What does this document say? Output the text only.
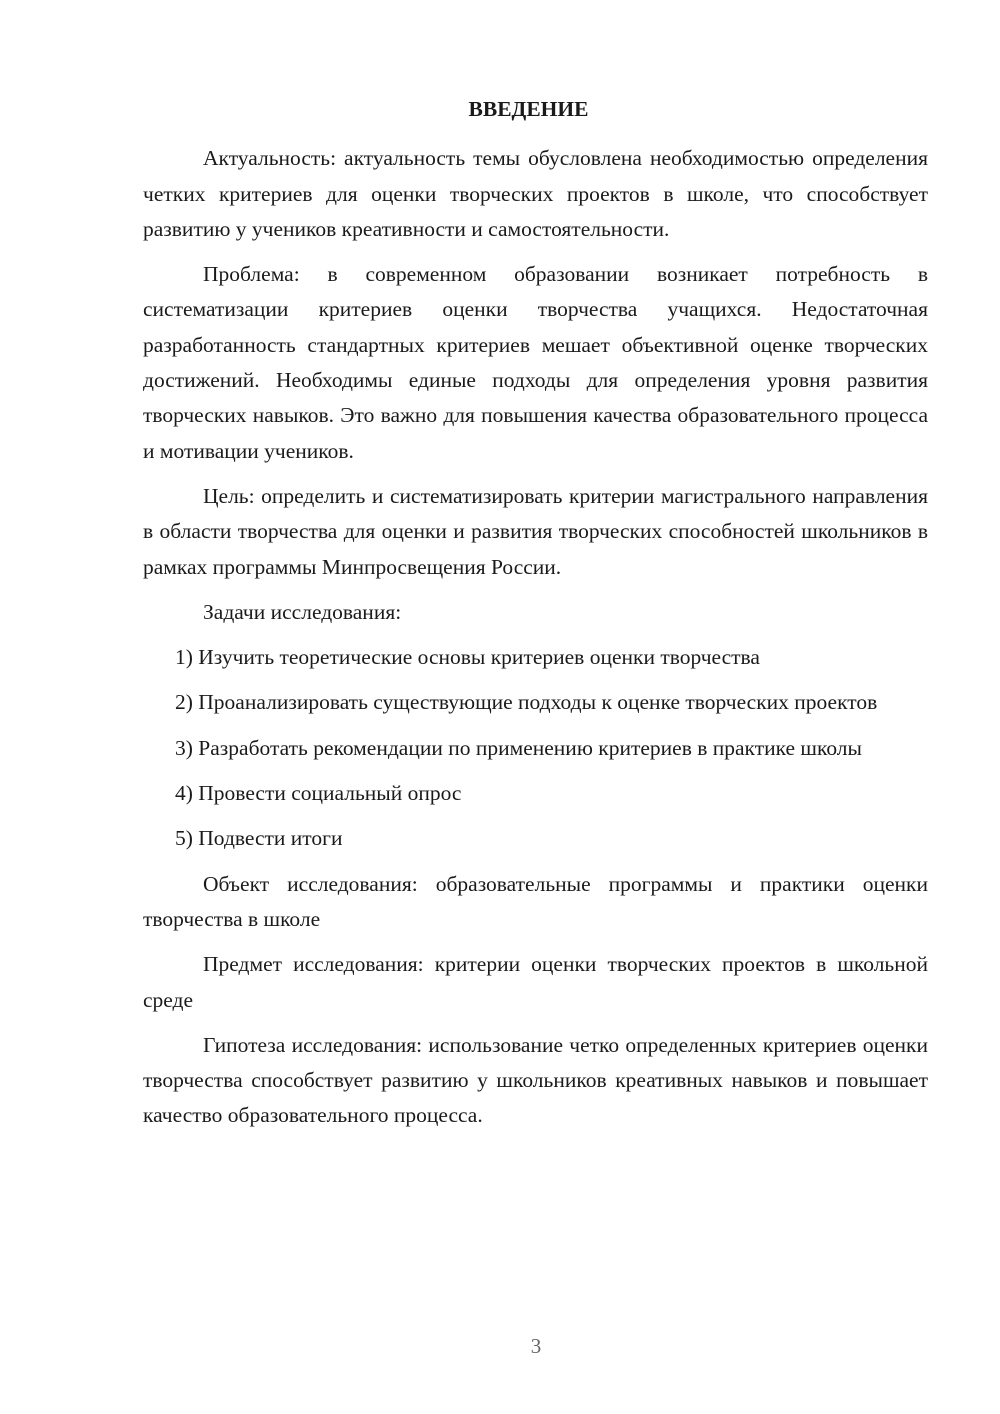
ВВЕДЕНИЕ

Актуальность: актуальность темы обусловлена необходимостью определения четких критериев для оценки творческих проектов в школе, что способствует развитию у учеников креативности и самостоятельности.

Проблема: в современном образовании возникает потребность в систематизации критериев оценки творчества учащихся. Недостаточная разработанность стандартных критериев мешает объективной оценке творческих достижений. Необходимы единые подходы для определения уровня развития творческих навыков. Это важно для повышения качества образовательного процесса и мотивации учеников.

Цель: определить и систематизировать критерии магистрального направления в области творчества для оценки и развития творческих способностей школьников в рамках программы Минпросвещения России.

Задачи исследования:

1) Изучить теоретические основы критериев оценки творчества

2) Проанализировать существующие подходы к оценке творческих проектов

3) Разработать рекомендации по применению критериев в практике школы

4) Провести социальный опрос

5) Подвести итоги

Объект исследования: образовательные программы и практики оценки творчества в школе

Предмет исследования: критерии оценки творческих проектов в школьной среде

Гипотеза исследования: использование четко определенных критериев оценки творчества способствует развитию у школьников креативных навыков и повышает качество образовательного процесса.

3
